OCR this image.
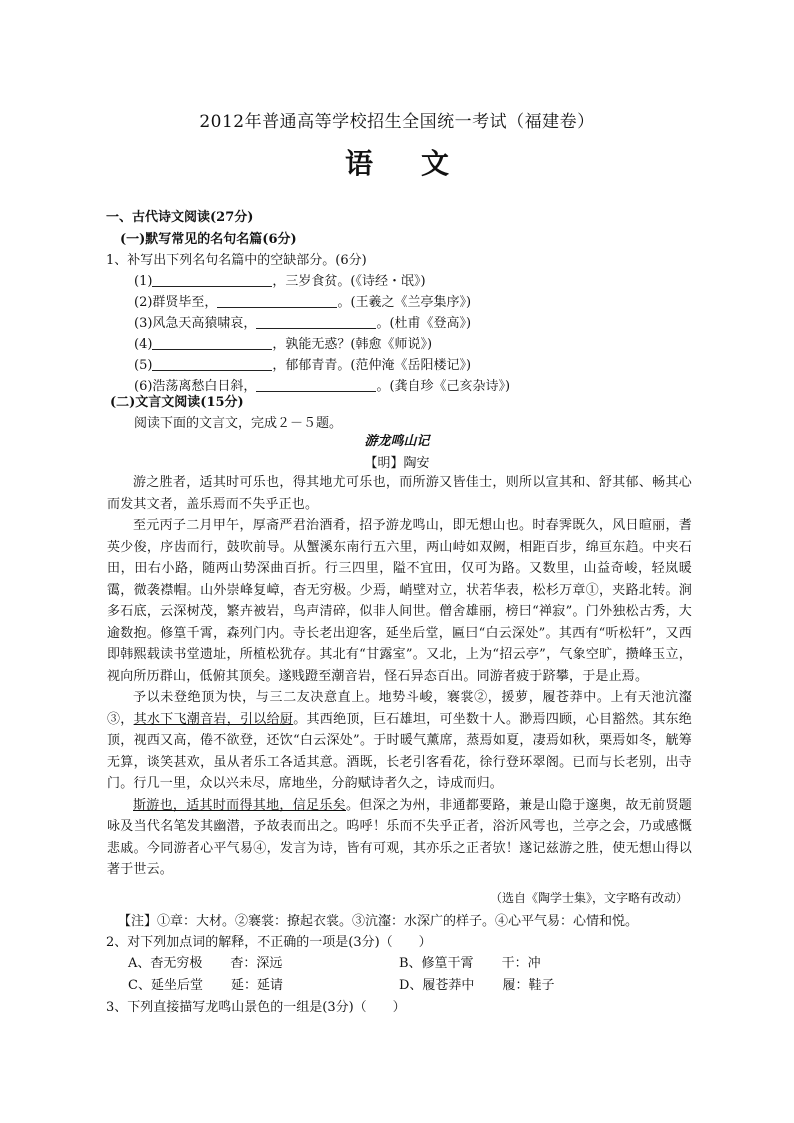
2012年普通高等学校招生全国统一考试（福建卷）
语文
一、古代诗文阅读(27分)
(一)默写常见的名句名篇(6分)
1、补写出下列名句名篇中的空缺部分。(6分)
(1)	，三岁食贫。(《诗经・氓》)
(2)群贤毕至，	。(王羲之《兰亭集序》)
(3)风急天高猿啸哀，	。(杜甫《登高》)
(4)	，孰能无惑？(韩愈《师说》)
(5)	，郁郁青青。(范仲淹《岳阳楼记》)
(6)浩荡离愁白日斜，	。(龚自珍《己亥杂诗》)
(二)文言文阅读(15分)
阅读下面的文言文，完成２－５题。
游龙鸣山记
【明】陶安

游之胜者，适其时可乐也，得其地尤可乐也，而所游又皆佳士，则所以宣其和、舒其郁、畅其心而发其文者，盖乐焉而不失乎正也。

至元丙子二月甲午，厚斋严君治酒肴，招予游龙鸣山，即无想山也。时春霁既久，风日暄丽，耆英少俊，序齿而行，鼓吹前导。从蟹溪东南行五六里，两山峙如双阙，相距百步，绵亘东趋。中夹石田，田右小路，随两山势深曲百折。行三四里，隘不宜田，仅可为路。又数里，山益奇峻，轻岚暖霭，微袭襟帽。山外崇峰复嶂，杳无穷极。少焉，峭壁对立，状若华表，松杉万章①，夹路北转。涧多石底，云深树茂，繁卉被岩，鸟声清碎，似非人间世。僧舍雄丽，榜曰“禅寂”。门外独松古秀，大逾数抱。修篁千霄，森列门内。寺长老出迎客，延坐后堂，匾曰“白云深处”。其西有“听松轩”，又西即韩熙载读书堂遗址，所植松犹存。其北有“甘露室”。又北，上为“招云亭”，气象空旷，攒峰玉立，视向所历群山，低俯其顶矣。遂贱蹬至潮音岩，怪石异态百出。同游者疲于跻攀，于是止焉。

予以未登绝顶为快，与三二友决意直上。地势斗峻，褰裳②，援萝，履苍莽中。上有天池沆瀣③，其水下飞潮音岩，引以给厨。其西绝顶，巨石雄坦，可坐数十人。渺焉四顾，心目豁然。其东绝顶，视西又高，倦不欲登，还饮“白云深处”。于时暖气薰席，蒸焉如夏，凄焉如秋，栗焉如冬，觥筹无算，谈笑甚欢，虽从者乐工各适其意。酒既，长老引客看花，徐行登环翠阁。已而与长老别，出寺门。行几一里，众以兴未尽，席地坐，分韵赋诗者久之，诗成而归。

斯游也，适其时而得其地，信足乐矣。但深之为州，非通都要路，兼是山隐于邃奥，故无前贤题咏及当代名笔发其幽潜，予故表而出之。呜呼！乐而不失乎正者，浴沂风雩也，兰亭之会，乃或感慨悲戚。今同游者心平气易④，发言为诗，皆有可观，其亦乐之正者欤！遂记兹游之胜，使无想山得以著于世云。

（选自《陶学士集》，文字略有改动）
【注】①章：大材。②褰裳：撩起衣裳。③沆瀣：水深广的样子。④心平气易：心情和悦。
2、对下列加点词的解释，不正确的一项是(3分)（　　）
A、杳无穷极 杳：深远	B、修篁干霄 干：冲
C、延坐后堂 延：延请	D、履苍莽中 履：鞋子
3、下列直接描写龙鸣山景色的一组是(3分)（　　）
